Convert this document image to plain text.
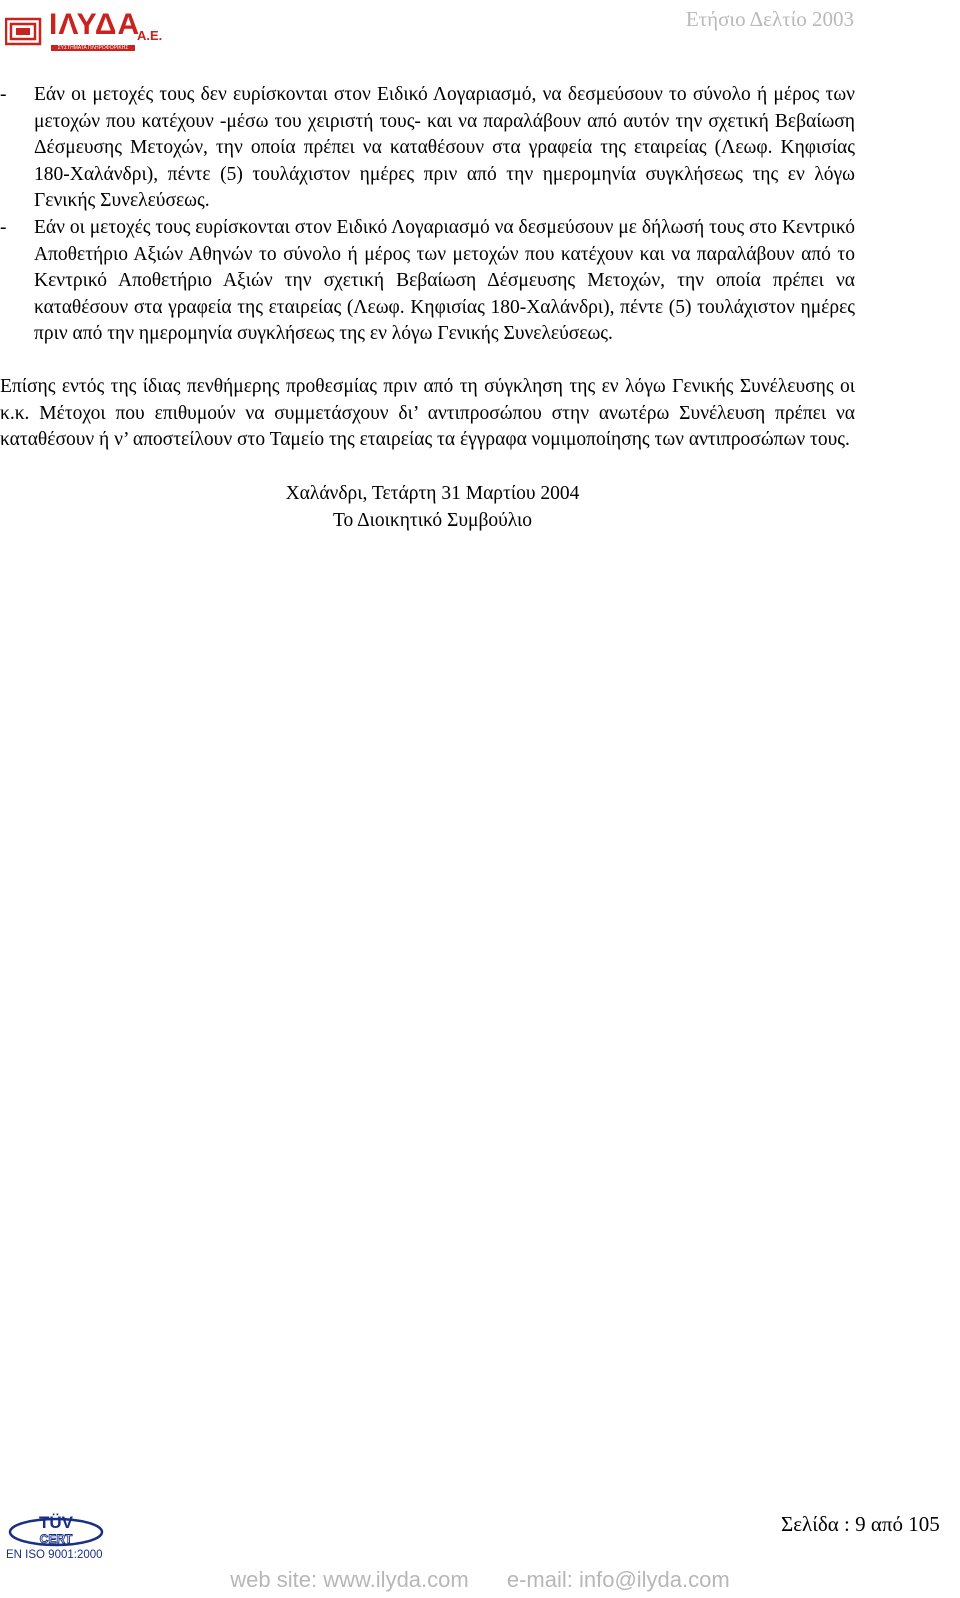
ΙΛΥΔΑ
Α.Ε.
ΣΥΣΤΗΜΑΤΑ ΠΛΗΡΟΦΟΡΙΚΗΣ
Ετήσιο Δελτίο 2003

- Εάν οι μετοχές τους δεν ευρίσκονται στον Ειδικό Λογαριασμό, να δεσμεύσουν το σύνολο ή μέρος των μετοχών που κατέχουν -μέσω του χειριστή τους- και να παραλάβουν από αυτόν την σχετική Βεβαίωση Δέσμευσης Μετοχών, την οποία πρέπει να καταθέσουν στα γραφεία της εταιρείας (Λεωφ. Κηφισίας 180-Χαλάνδρι), πέντε (5) τουλάχιστον ημέρες πριν από την ημερομηνία συγκλήσεως της εν λόγω Γενικής Συνελεύσεως.

- Εάν οι μετοχές τους ευρίσκονται στον Ειδικό Λογαριασμό να δεσμεύσουν με δήλωσή τους στο Κεντρικό Αποθετήριο Αξιών Αθηνών το σύνολο ή μέρος των μετοχών που κατέχουν και να παραλάβουν από το Κεντρικό Αποθετήριο Αξιών την σχετική Βεβαίωση Δέσμευσης Μετοχών, την οποία πρέπει να καταθέσουν στα γραφεία της εταιρείας (Λεωφ. Κηφισίας 180-Χαλάνδρι), πέντε (5) τουλάχιστον ημέρες πριν από την ημερομηνία συγκλήσεως της εν λόγω Γενικής Συνελεύσεως.

Επίσης εντός της ίδιας πενθήμερης προθεσμίας πριν από τη σύγκληση της εν λόγω Γενικής Συνέλευσης οι κ.κ. Μέτοχοι που επιθυμούν να συμμετάσχουν δι’ αντιπροσώπου στην ανωτέρω Συνέλευση πρέπει να καταθέσουν ή ν’ αποστείλουν στο Ταμείο της εταιρείας τα έγγραφα νομιμοποίησης των αντιπροσώπων τους.

Χαλάνδρι, Τετάρτη 31 Μαρτίου 2004
Το Διοικητικό Συμβούλιο
TÜV
CERT
EN ISO 9001:2000
Σελίδα : 9 από 105
web site: www.ilyda.com e-mail: info@ilyda.com
